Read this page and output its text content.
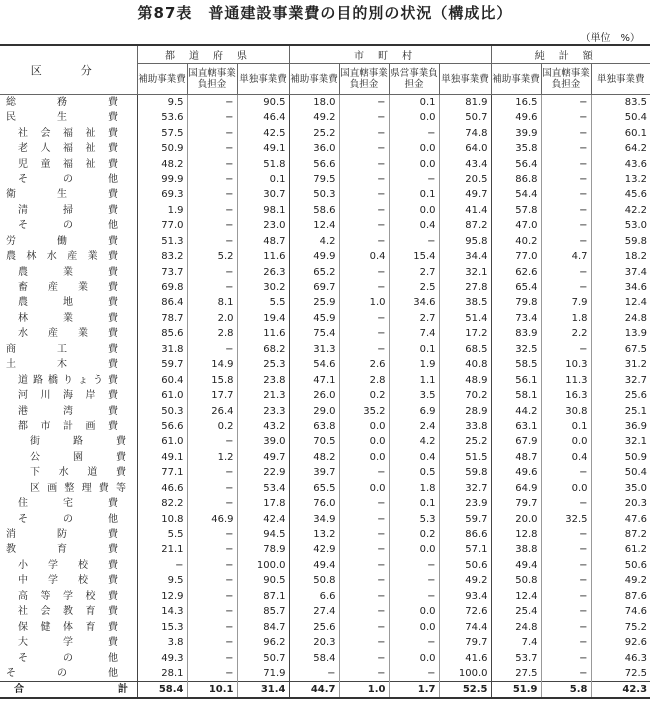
第87表　普通建設事業費の目的別の状況（構成比）
（単位　%）
区　分	都道府県			市町村				純計額		
	補助事業費	国直轄事業負担金	単独事業費	補助事業費	国直轄事業負担金	県営事業負担金	単独事業費	補助事業費	国直轄事業負担金	単独事業費
総務費	9.5	−	90.5	18.0	−	0.1	81.9	16.5	−	83.5
民生費	53.6	−	46.4	49.2	−	0.0	50.7	49.6	−	50.4
社会福祉費	57.5	−	42.5	25.2	−	−	74.8	39.9	−	60.1
老人福祉費	50.9	−	49.1	36.0	−	0.0	64.0	35.8	−	64.2
児童福祉費	48.2	−	51.8	56.6	−	0.0	43.4	56.4	−	43.6
その他	99.9	−	0.1	79.5	−	−	20.5	86.8	−	13.2
衛生費	69.3	−	30.7	50.3	−	0.1	49.7	54.4	−	45.6
清掃費	1.9	−	98.1	58.6	−	0.0	41.4	57.8	−	42.2
その他	77.0	−	23.0	12.4	−	0.4	87.2	47.0	−	53.0
労働費	51.3	−	48.7	4.2	−	−	95.8	40.2	−	59.8
農林水産業費	83.2	5.2	11.6	49.9	0.4	15.4	34.4	77.0	4.7	18.2
農業費	73.7	−	26.3	65.2	−	2.7	32.1	62.6	−	37.4
畜産業費	69.8	−	30.2	69.7	−	2.5	27.8	65.4	−	34.6
農地費	86.4	8.1	5.5	25.9	1.0	34.6	38.5	79.8	7.9	12.4
林業費	78.7	2.0	19.4	45.9	−	2.7	51.4	73.4	1.8	24.8
水産業費	85.6	2.8	11.6	75.4	−	7.4	17.2	83.9	2.2	13.9
商工費	31.8	−	68.2	31.3	−	0.1	68.5	32.5	−	67.5
土木費	59.7	14.9	25.3	54.6	2.6	1.9	40.8	58.5	10.3	31.2
道路橋りょう費	60.4	15.8	23.8	47.1	2.8	1.1	48.9	56.1	11.3	32.7
河川海岸費	61.0	17.7	21.3	26.0	0.2	3.5	70.2	58.1	16.3	25.6
港湾費	50.3	26.4	23.3	29.0	35.2	6.9	28.9	44.2	30.8	25.1
都市計画費	56.6	0.2	43.2	63.8	0.0	2.4	33.8	63.1	0.1	36.9
街路費	61.0	−	39.0	70.5	0.0	4.2	25.2	67.9	0.0	32.1
公園費	49.1	1.2	49.7	48.2	0.0	0.4	51.5	48.7	0.4	50.9
下水道費	77.1	−	22.9	39.7	−	0.5	59.8	49.6	−	50.4
区画整理費等	46.6	−	53.4	65.5	0.0	1.8	32.7	64.9	0.0	35.0
住宅費	82.2	−	17.8	76.0	−	0.1	23.9	79.7	−	20.3
その他	10.8	46.9	42.4	34.9	−	5.3	59.7	20.0	32.5	47.6
消防費	5.5	−	94.5	13.2	−	0.2	86.6	12.8	−	87.2
教育費	21.1	−	78.9	42.9	−	0.0	57.1	38.8	−	61.2
小学校費	−	−	100.0	49.4	−	−	50.6	49.4	−	50.6
中学校費	9.5	−	90.5	50.8	−	−	49.2	50.8	−	49.2
高等学校費	12.9	−	87.1	6.6	−	−	93.4	12.4	−	87.6
社会教育費	14.3	−	85.7	27.4	−	0.0	72.6	25.4	−	74.6
保健体育費	15.3	−	84.7	25.6	−	0.0	74.4	24.8	−	75.2
大学費	3.8	−	96.2	20.3	−	−	79.7	7.4	−	92.6
その他	49.3	−	50.7	58.4	−	0.0	41.6	53.7	−	46.3
その他	28.1	−	71.9	−	−	−	100.0	27.5	−	72.5
合計	58.4	10.1	31.4	44.7	1.0	1.7	52.5	51.9	5.8	42.3
